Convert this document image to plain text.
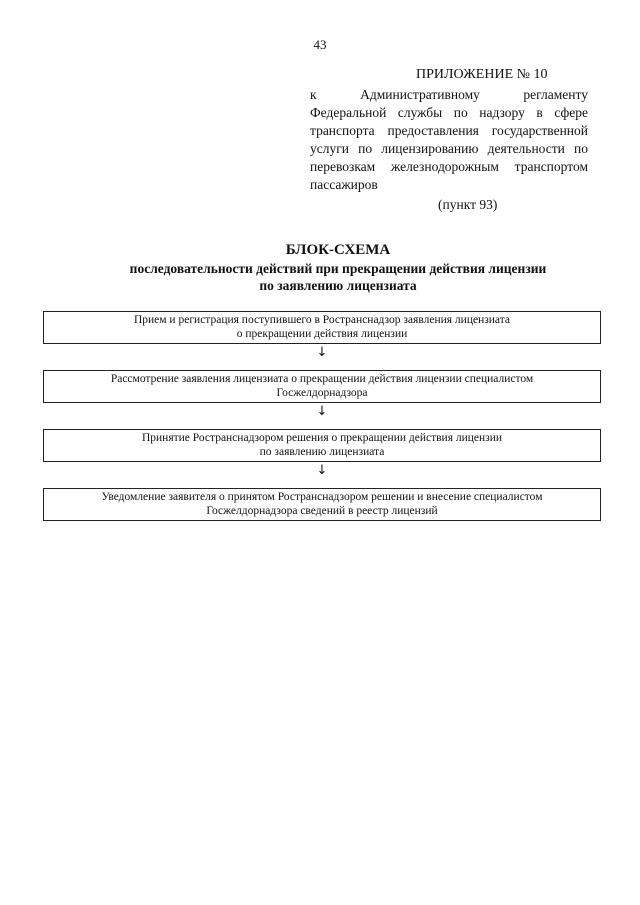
43
ПРИЛОЖЕНИЕ № 10
к	Административному	регламенту
Федеральной службы по надзору в сфере
транспорта предоставления государственной
услуги по лицензированию деятельности по
перевозкам железнодорожным транспортом
пассажиров
(пункт 93)
БЛОК-СХЕМА
последовательности действий при прекращении действия лицензии
по заявлению лицензиата
Прием и регистрация поступившего в Ространснадзор заявления лицензиата
о прекращении действия лицензии
↓
Рассмотрение заявления лицензиата о прекращении действия лицензии специалистом
Госжелдорнадзора
↓
Принятие Ространснадзором решения о прекращении действия лицензии
по заявлению лицензиата
↓
Уведомление заявителя о принятом Ространснадзором решении и внесение специалистом
Госжелдорнадзора сведений в реестр лицензий
